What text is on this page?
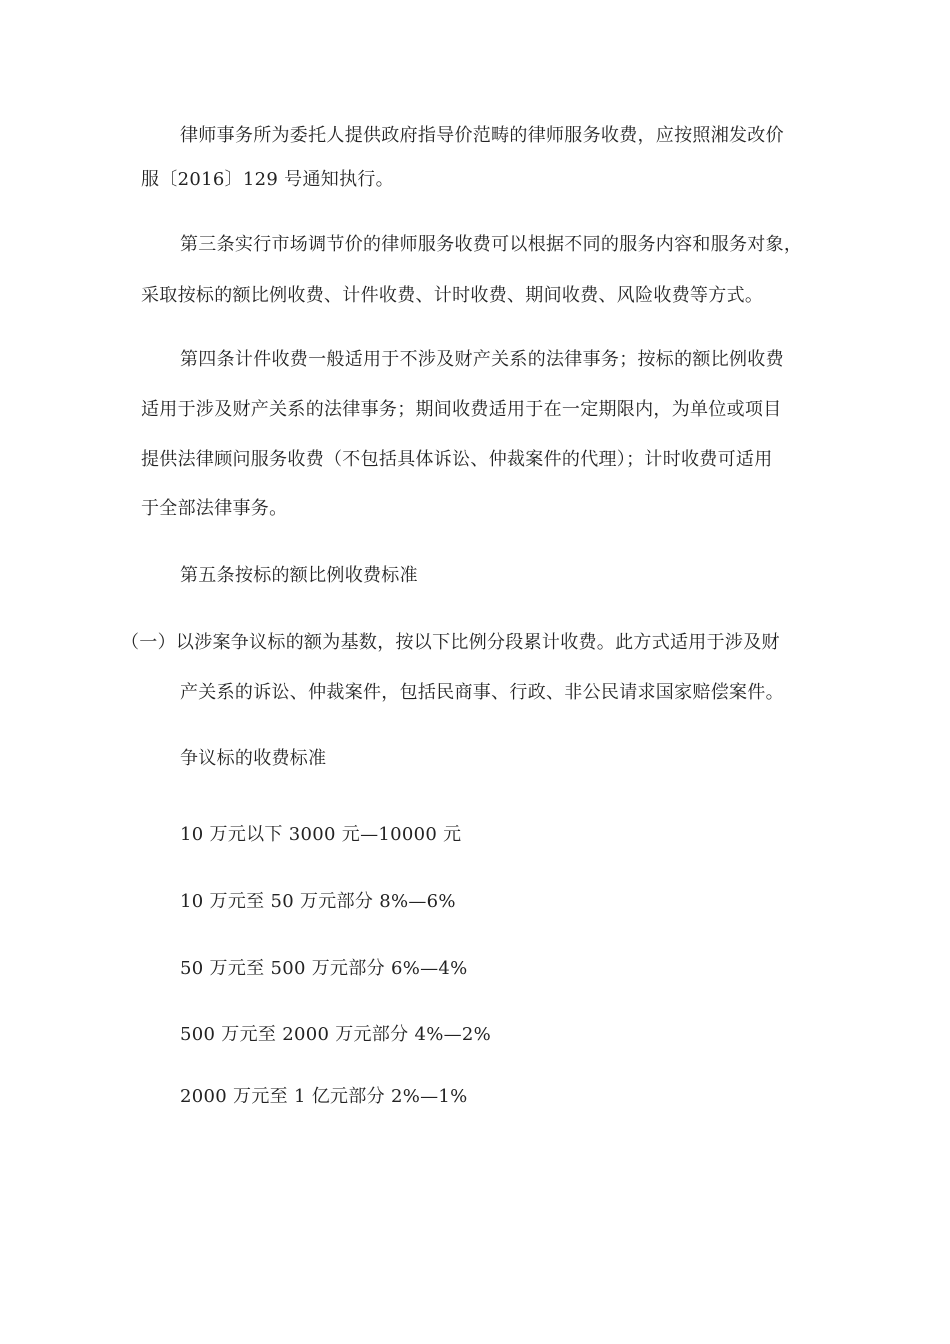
律师事务所为委托人提供政府指导价范畴的律师服务收费，应按照湘发改价
服〔2016〕129 号通知执行。
第三条实行市场调节价的律师服务收费可以根据不同的服务内容和服务对象，
采取按标的额比例收费、计件收费、计时收费、期间收费、风险收费等方式。
第四条计件收费一般适用于不涉及财产关系的法律事务；按标的额比例收费
适用于涉及财产关系的法律事务；期间收费适用于在一定期限内，为单位或项目
提供法律顾问服务收费（不包括具体诉讼、仲裁案件的代理）；计时收费可适用
于全部法律事务。
第五条按标的额比例收费标准
（一）以涉案争议标的额为基数，按以下比例分段累计收费。此方式适用于涉及财
产关系的诉讼、仲裁案件，包括民商事、行政、非公民请求国家赔偿案件。
争议标的收费标准
10 万元以下 3000 元—10000 元
10 万元至 50 万元部分 8%—6%
50 万元至 500 万元部分 6%—4%
500 万元至 2000 万元部分 4%—2%
2000 万元至 1 亿元部分 2%—1%
